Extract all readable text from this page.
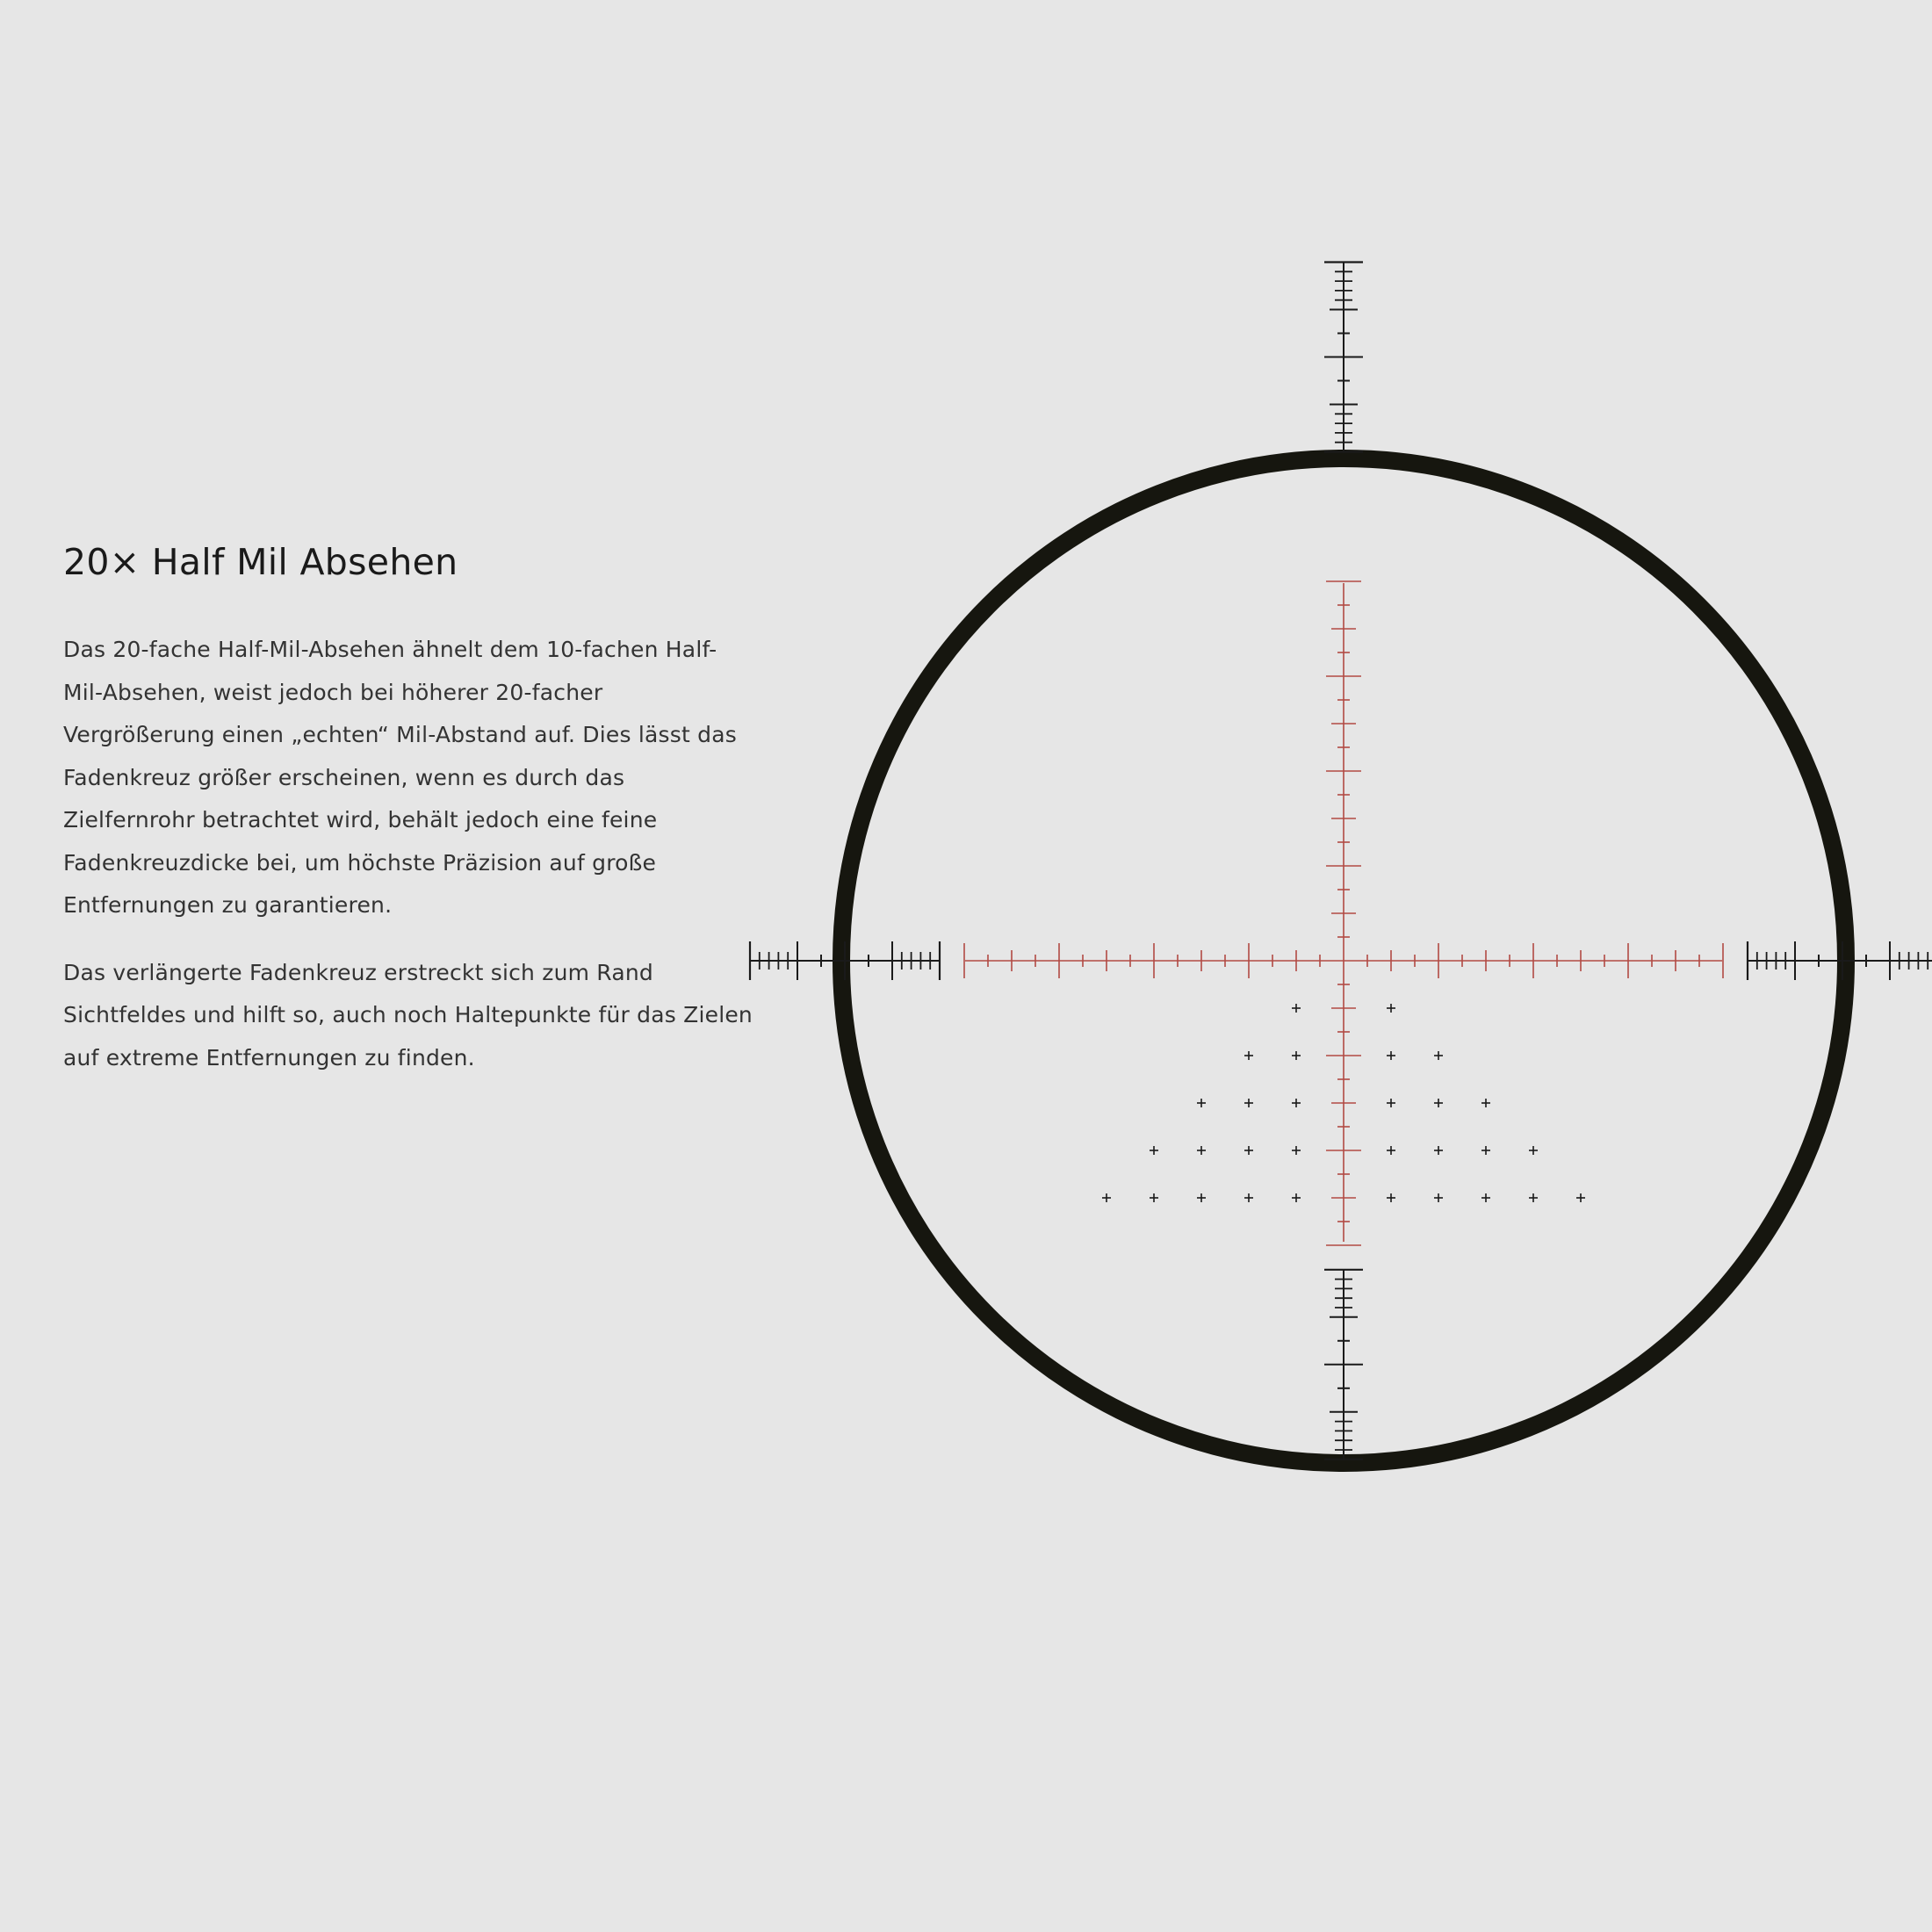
20× Half Mil Absehen

Das 20-fache Half-Mil-Absehen ähnelt dem 10-fachen Half-
Mil-Absehen, weist jedoch bei höherer 20-facher
Vergrößerung einen „echten“ Mil-Abstand auf. Dies lässt das
Fadenkreuz größer erscheinen, wenn es durch das
Zielfernrohr betrachtet wird, behält jedoch eine feine
Fadenkreuzdicke bei, um höchste Präzision auf große
Entfernungen zu garantieren.

Das verlängerte Fadenkreuz erstreckt sich zum Rand
Sichtfeldes und hilft so, auch noch Haltepunkte für das Zielen
auf extreme Entfernungen zu finden.
